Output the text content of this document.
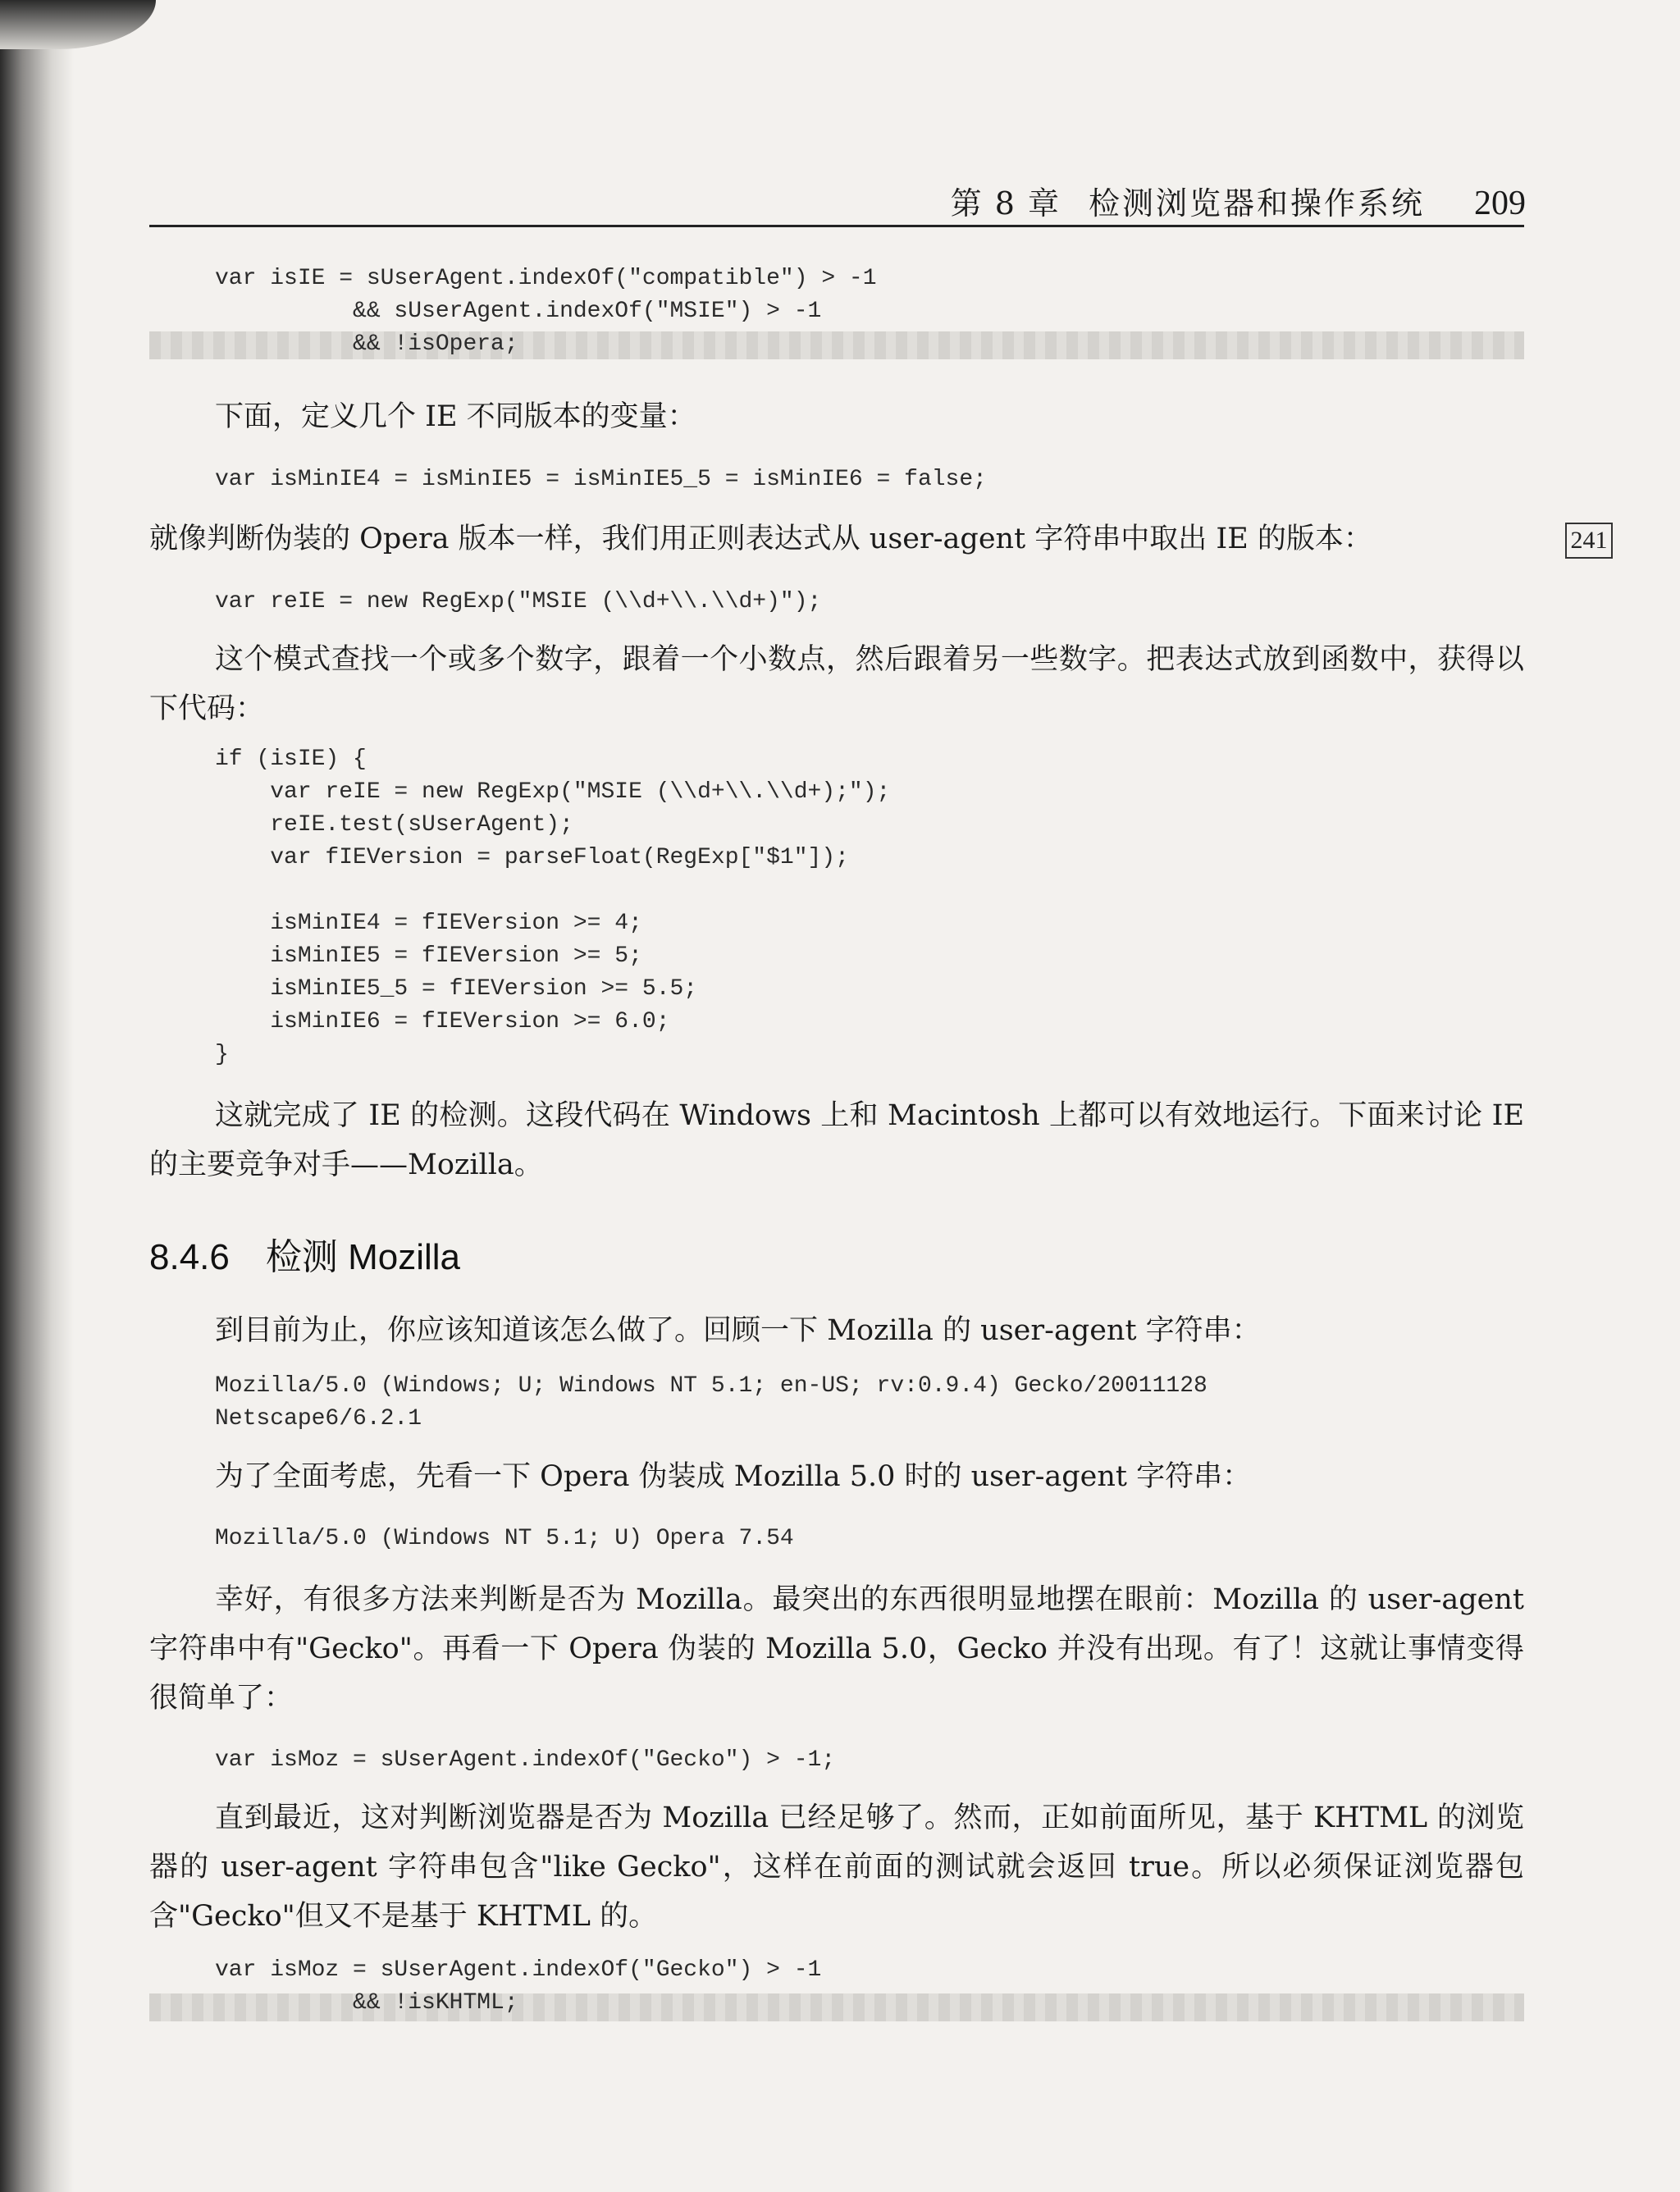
第 8 章 检测浏览器和操作系统 209
var isIE = sUserAgent.indexOf("compatible") > -1
&& sUserAgent.indexOf("MSIE") > -1
&& !isOpera;

下面，定义几个 IE 不同版本的变量：

var isMinIE4 = isMinIE5 = isMinIE5_5 = isMinIE6 = false;

就像判断伪装的 Opera 版本一样，我们用正则表达式从 user-agent 字符串中取出 IE 的版本：	241
var reIE = new RegExp("MSIE (\\d+\\.\\d+)");

这个模式查找一个或多个数字，跟着一个小数点，然后跟着另一些数字。把表达式放到函数中，获得以下代码：

if (isIE) {
var reIE = new RegExp("MSIE (\\d+\\.\\d+);");
reIE.test(sUserAgent);
var fIEVersion = parseFloat(RegExp["$1"]);

isMinIE4 = fIEVersion >= 4;
isMinIE5 = fIEVersion >= 5;
isMinIE5_5 = fIEVersion >= 5.5;
isMinIE6 = fIEVersion >= 6.0;
}

这就完成了 IE 的检测。这段代码在 Windows 上和 Macintosh 上都可以有效地运行。下面来讨论 IE 的主要竞争对手——Mozilla。

8.4.6 检测 Mozilla

到目前为止，你应该知道该怎么做了。回顾一下 Mozilla 的 user-agent 字符串：

Mozilla/5.0 (Windows; U; Windows NT 5.1; en-US; rv:0.9.4) Gecko/20011128
Netscape6/6.2.1

为了全面考虑，先看一下 Opera 伪装成 Mozilla 5.0 时的 user-agent 字符串：

Mozilla/5.0 (Windows NT 5.1; U) Opera 7.54

幸好，有很多方法来判断是否为 Mozilla。最突出的东西很明显地摆在眼前：Mozilla 的 user-agent 字符串中有"Gecko"。再看一下 Opera 伪装的 Mozilla 5.0，Gecko 并没有出现。有了！这就让事情变得很简单了：

var isMoz = sUserAgent.indexOf("Gecko") > -1;

直到最近，这对判断浏览器是否为 Mozilla 已经足够了。然而，正如前面所见，基于 KHTML 的浏览器的 user-agent 字符串包含"like Gecko"，这样在前面的测试就会返回 true。所以必须保证浏览器包含"Gecko"但又不是基于 KHTML 的。

var isMoz = sUserAgent.indexOf("Gecko") > -1
&& !isKHTML;
